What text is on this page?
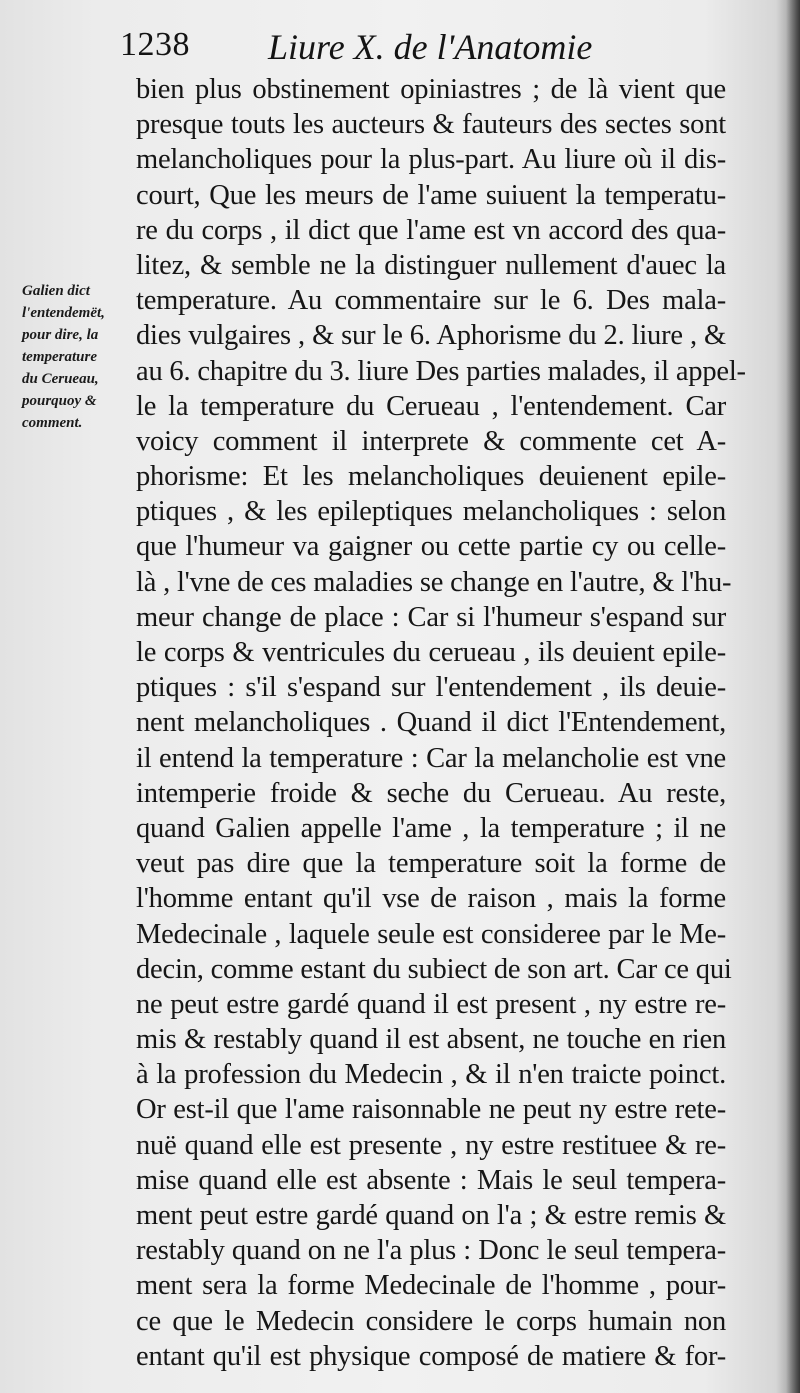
1238 Liure X. de l'Anatomie
Galien dict
l'entendemët,
pour dire, la
temperature
du Cerueau,
pourquoy &
comment.
bien plus obstinement opiniastres ; de là vient que
presque touts les aucteurs & fauteurs des sectes sont
melancholiques pour la plus-part. Au liure où il dis-
court, Que les meurs de l'ame suiuent la temperatu-
re du corps , il dict que l'ame est vn accord des qua-
litez, & semble ne la distinguer nullement d'auec la
temperature. Au commentaire sur le 6. Des mala-
dies vulgaires , & sur le 6. Aphorisme du 2. liure , &
au 6. chapitre du 3. liure Des parties malades, il appel-
le la temperature du Cerueau , l'entendement. Car
voicy comment il interprete & commente cet A-
phorisme: Et les melancholiques deuienent epile-
ptiques , & les epileptiques melancholiques : selon
que l'humeur va gaigner ou cette partie cy ou celle-
là , l'vne de ces maladies se change en l'autre, & l'hu-
meur change de place : Car si l'humeur s'espand sur
le corps & ventricules du cerueau , ils deuient epile-
ptiques : s'il s'espand sur l'entendement , ils deuie-
nent melancholiques . Quand il dict l'Entendement,
il entend la temperature : Car la melancholie est vne
intemperie froide & seche du Cerueau. Au reste,
quand Galien appelle l'ame , la temperature ; il ne
veut pas dire que la temperature soit la forme de
l'homme entant qu'il vse de raison , mais la forme
Medecinale , laquele seule est consideree par le Me-
decin, comme estant du subiect de son art. Car ce qui
ne peut estre gardé quand il est present , ny estre re-
mis & restably quand il est absent, ne touche en rien
à la profession du Medecin , & il n'en traicte poinct.
Or est-il que l'ame raisonnable ne peut ny estre rete-
nuë quand elle est presente , ny estre restituee & re-
mise quand elle est absente : Mais le seul tempera-
ment peut estre gardé quand on l'a ; & estre remis &
restably quand on ne l'a plus : Donc le seul tempera-
ment sera la forme Medecinale de l'homme , pour-
ce que le Medecin considere le corps humain non
entant qu'il est physique composé de matiere & for-
